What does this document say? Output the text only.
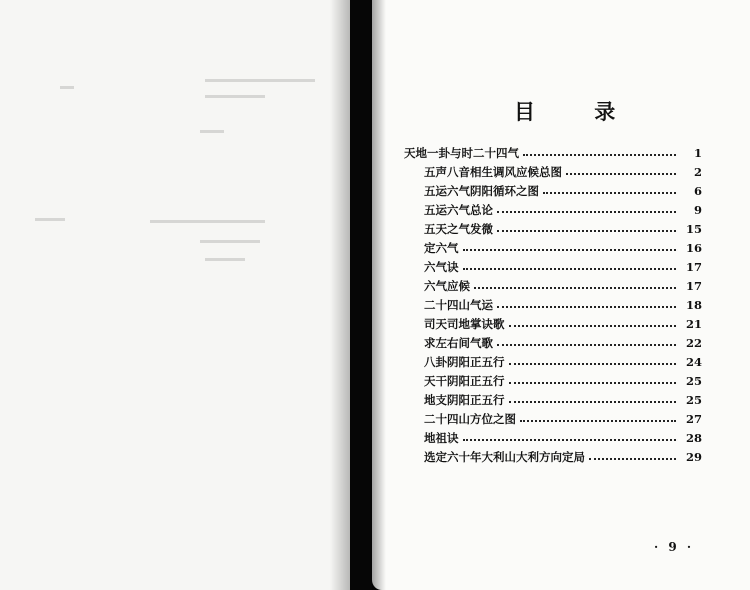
目 录
天地一卦与时二十四气	1
五声八音相生调风应候总图	2
五运六气阴阳循环之图	6
五运六气总论	9
五天之气发微	15
定六气	16
六气诀	17
六气应候	17
二十四山气运	18
司天司地掌诀歌	21
求左右间气歌	22
八卦阴阳正五行	24
天干阴阳正五行	25
地支阴阳正五行	25
二十四山方位之图	27
地祖诀	28
选定六十年大利山大利方向定局	29
· 9 ·
